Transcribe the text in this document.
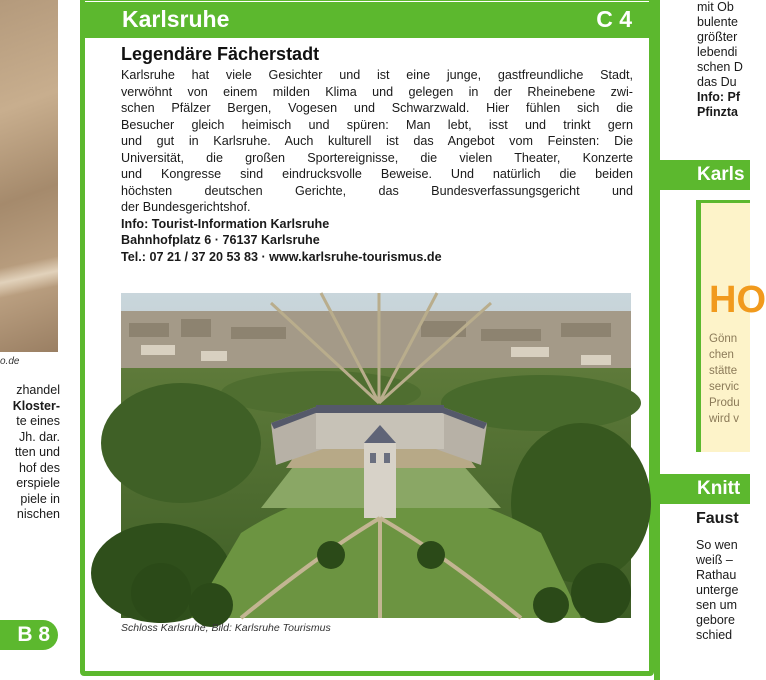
o.de
zhandel
Kloster-
te eines
Jh. dar.
tten und
hof des
erspiele
piele in
nischen
B 8
Karlsruhe	C 4
Legendäre Fächerstadt
Karlsruhe hat viele Gesichter und ist eine junge, gastfreundliche Stadt,
verwöhnt von einem milden Klima und gelegen in der Rheinebene zwi-
schen Pfälzer Bergen, Vogesen und Schwarzwald. Hier fühlen sich die
Besucher gleich heimisch und spüren: Man lebt, isst und trinkt gern
und gut in Karlsruhe. Auch kulturell ist das Angebot vom Feinsten: Die
Universität, die großen Sportereignisse, die vielen Theater, Konzerte
und Kongresse sind eindrucksvolle Beweise. Und natürlich die beiden
höchsten deutschen Gerichte, das Bundesverfassungsgericht und
der Bundesgerichtshof.
Info: Tourist-Information Karlsruhe
Bahnhofplatz 6 · 76137 Karlsruhe
Tel.: 07 21 / 37 20 53 83 · www.karlsruhe-tourismus.de
Schloss Karlsruhe, Bild: Karlsruhe Tourismus
mit Ob
bulente
größter
lebendi
schen D
das Du
Info: Pf
Pfinzta
Karls
HO
Gönn
chen
stätte
servic
Produ
wird v
Knitt
Faust
So wen
weiß –
Rathau
unterge
sen um
gebore
schied
